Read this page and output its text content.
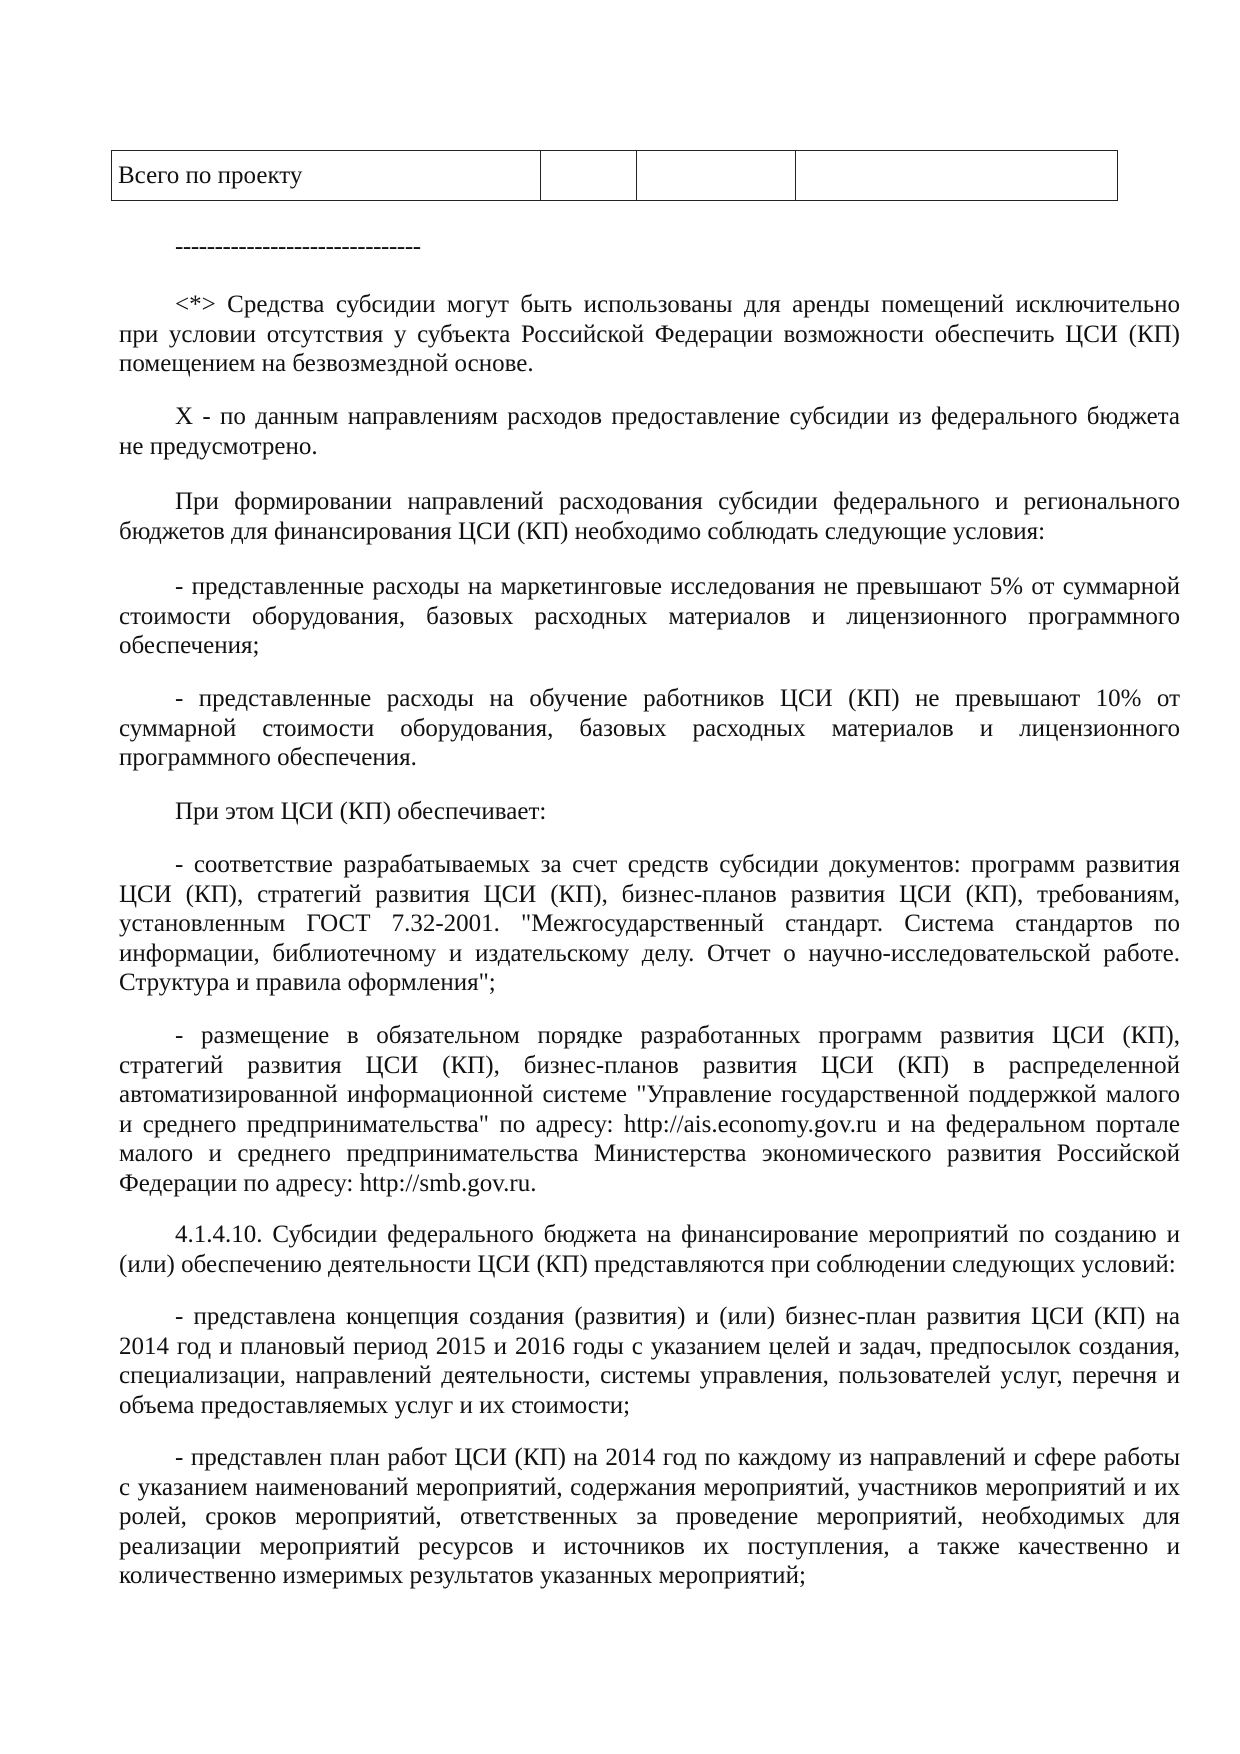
Всего по проекту			
-------------------------------
<*> Средства субсидии могут быть использованы для аренды помещений исключительно
при условии отсутствия у субъекта Российской Федерации возможности обеспечить ЦСИ (КП)
помещением на безвозмездной основе.
X - по данным направлениям расходов предоставление субсидии из федерального бюджета
не предусмотрено.
При формировании направлений расходования субсидии федерального и регионального
бюджетов для финансирования ЦСИ (КП) необходимо соблюдать следующие условия:
- представленные расходы на маркетинговые исследования не превышают 5% от суммарной
стоимости оборудования, базовых расходных материалов и лицензионного программного
обеспечения;
- представленные расходы на обучение работников ЦСИ (КП) не превышают 10% от
суммарной стоимости оборудования, базовых расходных материалов и лицензионного
программного обеспечения.
При этом ЦСИ (КП) обеспечивает:
- соответствие разрабатываемых за счет средств субсидии документов: программ развития
ЦСИ (КП), стратегий развития ЦСИ (КП), бизнес-планов развития ЦСИ (КП), требованиям,
установленным ГОСТ 7.32-2001. "Межгосударственный стандарт. Система стандартов по
информации, библиотечному и издательскому делу. Отчет о научно-исследовательской работе.
Структура и правила оформления";
- размещение в обязательном порядке разработанных программ развития ЦСИ (КП),
стратегий развития ЦСИ (КП), бизнес-планов развития ЦСИ (КП) в распределенной
автоматизированной информационной системе "Управление государственной поддержкой малого
и среднего предпринимательства" по адресу: http://ais.economy.gov.ru и на федеральном портале
малого и среднего предпринимательства Министерства экономического развития Российской
Федерации по адресу: http://smb.gov.ru.
4.1.4.10. Субсидии федерального бюджета на финансирование мероприятий по созданию и
(или) обеспечению деятельности ЦСИ (КП) представляются при соблюдении следующих условий:
- представлена концепция создания (развития) и (или) бизнес-план развития ЦСИ (КП) на
2014 год и плановый период 2015 и 2016 годы с указанием целей и задач, предпосылок создания,
специализации, направлений деятельности, системы управления, пользователей услуг, перечня и
объема предоставляемых услуг и их стоимости;
- представлен план работ ЦСИ (КП) на 2014 год по каждому из направлений и сфере работы
с указанием наименований мероприятий, содержания мероприятий, участников мероприятий и их
ролей, сроков мероприятий, ответственных за проведение мероприятий, необходимых для
реализации мероприятий ресурсов и источников их поступления, а также качественно и
количественно измеримых результатов указанных мероприятий;
